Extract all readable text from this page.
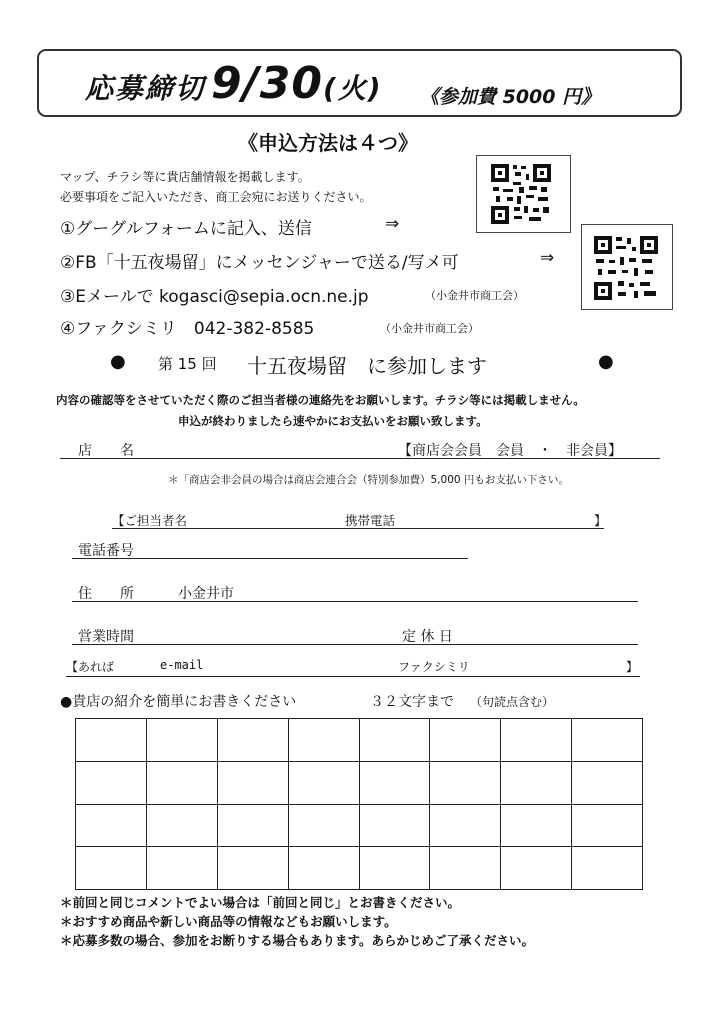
応募締切 9/30(火) 《参加費 5000 円》
《申込方法は４つ》
マップ、チラシ等に貴店舗情報を掲載します。
必要事項をご記入いただき、商工会宛にお送りください。
①グーグルフォームに記入、送信	⇒
②FB「十五夜場留」にメッセンジャーで送る/写メ可	⇒
③Eメールで kogasci@sepia.ocn.ne.jp	（小金井市商工会）
④ファクシミリ　042-382-8585	（小金井市商工会）
● 第 15 回 十五夜場留　に参加します	●
内容の確認等をさせていただく際のご担当者様の連絡先をお願いします。チラシ等には掲載しません。
申込が終わりましたら速やかにお支払いをお願い致します。
店　　名	【商店会会員　会員　・　非会員】
＊「商店会非会員の場合は商店会連合会（特別参加費）5,000 円もお支払い下さい。
【ご担当者名	携帯電話	】
電話番号
住　　所	小金井市
営業時間	定 休 日
【あれば	e-mail	ファクシミリ	】
●貴店の紹介を簡単にお書きください	３２文字まで （句読点含む）
＊前回と同じコメントでよい場合は「前回と同じ」とお書きください。
＊おすすめ商品や新しい商品等の情報などもお願いします。
＊応募多数の場合、参加をお断りする場合もあります。あらかじめご了承ください。
